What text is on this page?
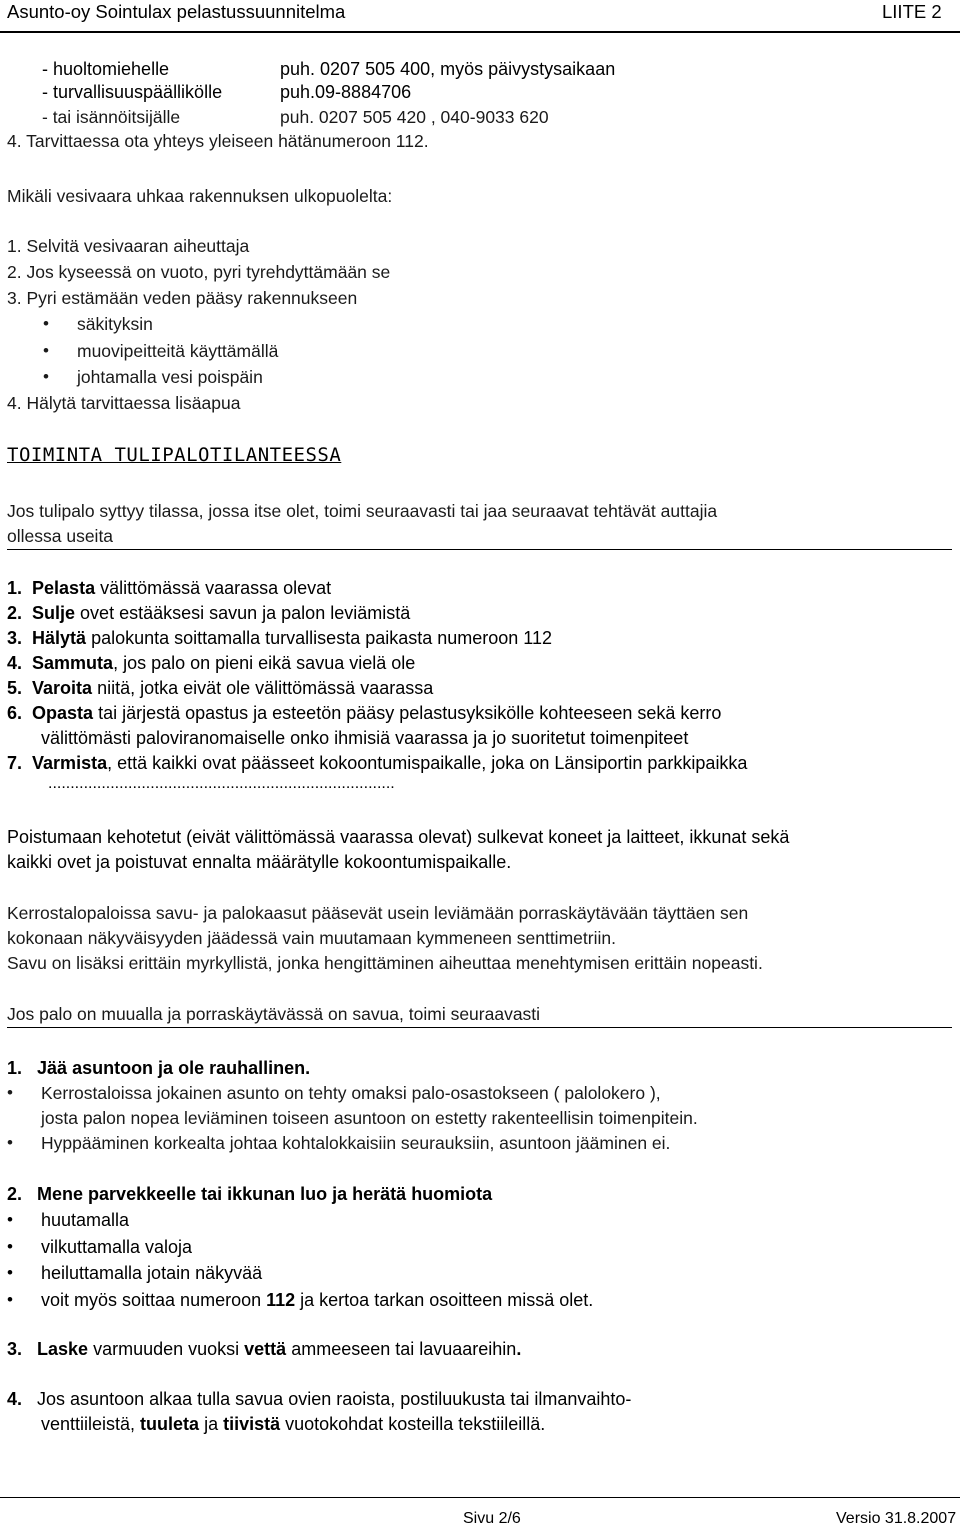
Asunto-oy Sointulax pelastussuunnitelma	LIITE 2
- huoltomiehelle	puh. 0207 505 400, myös päivystysaikaan
- turvallisuuspäällikölle	puh.09-8884706
- tai isännöitsijälle	puh. 0207 505 420 , 040-9033 620
4. Tarvittaessa ota yhteys yleiseen hätänumeroon 112.
Mikäli vesivaara uhkaa rakennuksen ulkopuolelta:
1. Selvitä vesivaaran aiheuttaja
2. Jos kyseessä on vuoto, pyri tyrehdyttämään se
3. Pyri estämään veden pääsy rakennukseen
• säkityksin
• muovipeitteitä käyttämällä
• johtamalla vesi poispäin
4. Hälytä tarvittaessa lisäapua
TOIMINTA TULIPALOTILANTEESSA
Jos tulipalo syttyy tilassa, jossa itse olet, toimi seuraavasti tai jaa seuraavat tehtävät auttajia
ollessa useita
1. Pelasta välittömässä vaarassa olevat
2. Sulje ovet estääksesi savun ja palon leviämistä
3. Hälytä palokunta soittamalla turvallisesta paikasta numeroon 112
4. Sammuta, jos palo on pieni eikä savua vielä ole
5. Varoita niitä, jotka eivät ole välittömässä vaarassa
6. Opasta tai järjestä opastus ja esteetön pääsy pelastusyksikölle kohteeseen sekä kerro
välittömästi paloviranomaiselle onko ihmisiä vaarassa ja jo suoritetut toimenpiteet
7. Varmista, että kaikki ovat päässeet kokoontumispaikalle, joka on Länsiportin parkkipaikka
..............................................................................
Poistumaan kehotetut (eivät välittömässä vaarassa olevat) sulkevat koneet ja laitteet, ikkunat sekä
kaikki ovet ja poistuvat ennalta määrätylle kokoontumispaikalle.
Kerrostalopaloissa savu- ja palokaasut pääsevät usein leviämään porraskäytävään täyttäen sen
kokonaan näkyväisyyden jäädessä vain muutamaan kymmeneen senttimetriin.
Savu on lisäksi erittäin myrkyllistä, jonka hengittäminen aiheuttaa menehtymisen erittäin nopeasti.
Jos palo on muualla ja porraskäytävässä on savua, toimi seuraavasti
1. Jää asuntoon ja ole rauhallinen.
• Kerrostaloissa jokainen asunto on tehty omaksi palo-osastokseen ( palolokero ),
josta palon nopea leviäminen toiseen asuntoon on estetty rakenteellisin toimenpitein.
• Hyppääminen korkealta johtaa kohtalokkaisiin seurauksiin, asuntoon jääminen ei.
2. Mene parvekkeelle tai ikkunan luo ja herätä huomiota
• huutamalla
• vilkuttamalla valoja
• heiluttamalla jotain näkyvää
• voit myös soittaa numeroon 112 ja kertoa tarkan osoitteen missä olet.
3. Laske varmuuden vuoksi vettä ammeeseen tai lavuaareihin.
4. Jos asuntoon alkaa tulla savua ovien raoista, postiluukusta tai ilmanvaihto-
venttiileistä, tuuleta ja tiivistä vuotokohdat kosteilla tekstiileillä.
Sivu 2/6	Versio 31.8.2007
